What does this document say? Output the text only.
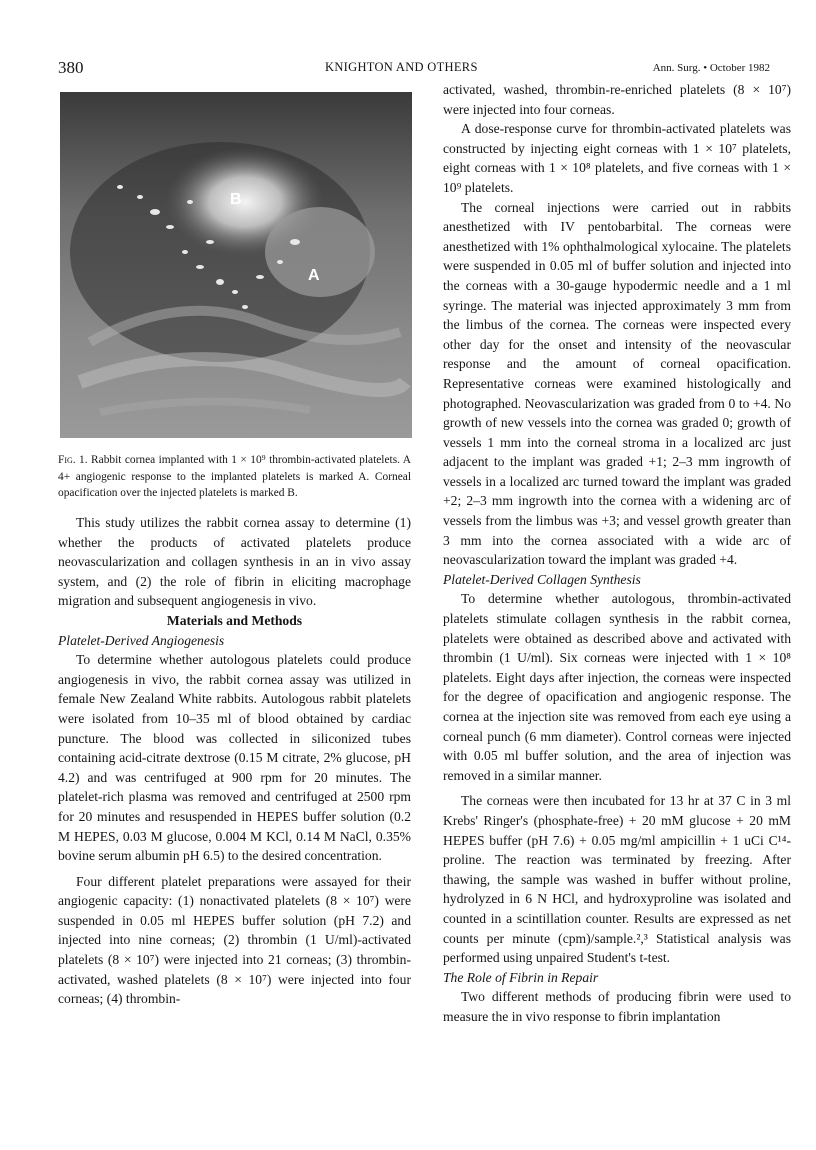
380	KNIGHTON AND OTHERS	Ann. Surg. • October 1982
B
A
Fig. 1. Rabbit cornea implanted with 1 × 10⁹ thrombin-activated platelets. A 4+ angiogenic response to the implanted platelets is marked A. Corneal opacification over the injected platelets is marked B.

This study utilizes the rabbit cornea assay to determine (1) whether the products of activated platelets produce neovascularization and collagen synthesis in an in vivo assay system, and (2) the role of fibrin in eliciting macrophage migration and subsequent angiogenesis in vivo.

Materials and Methods

Platelet-Derived Angiogenesis

To determine whether autologous platelets could produce angiogenesis in vivo, the rabbit cornea assay was utilized in female New Zealand White rabbits. Autologous rabbit platelets were isolated from 10–35 ml of blood obtained by cardiac puncture. The blood was collected in siliconized tubes containing acid-citrate dextrose (0.15 M citrate, 2% glucose, pH 4.2) and was centrifuged at 900 rpm for 20 minutes. The platelet-rich plasma was removed and centrifuged at 2500 rpm for 20 minutes and resuspended in HEPES buffer solution (0.2 M HEPES, 0.03 M glucose, 0.004 M KCl, 0.14 M NaCl, 0.35% bovine serum albumin pH 6.5) to the desired concentration.

Four different platelet preparations were assayed for their angiogenic capacity: (1) nonactivated platelets (8 × 10⁷) were suspended in 0.05 ml HEPES buffer solution (pH 7.2) and injected into nine corneas; (2) thrombin (1 U/ml)-activated platelets (8 × 10⁷) were injected into 21 corneas; (3) thrombin-activated, washed platelets (8 × 10⁷) were injected into four corneas; (4) thrombin-

activated, washed, thrombin-re-enriched platelets (8 × 10⁷) were injected into four corneas.

A dose-response curve for thrombin-activated platelets was constructed by injecting eight corneas with 1 × 10⁷ platelets, eight corneas with 1 × 10⁸ platelets, and five corneas with 1 × 10⁹ platelets.

The corneal injections were carried out in rabbits anesthetized with IV pentobarbital. The corneas were anesthetized with 1% ophthalmological xylocaine. The platelets were suspended in 0.05 ml of buffer solution and injected into the corneas with a 30-gauge hypodermic needle and a 1 ml syringe. The material was injected approximately 3 mm from the limbus of the cornea. The corneas were inspected every other day for the onset and intensity of the neovascular response and the amount of corneal opacification. Representative corneas were examined histologically and photographed. Neovascularization was graded from 0 to +4. No growth of new vessels into the cornea was graded 0; growth of vessels 1 mm into the corneal stroma in a localized arc just adjacent to the implant was graded +1; 2–3 mm ingrowth of vessels in a localized arc turned toward the implant was graded +2; 2–3 mm ingrowth into the cornea with a widening arc of vessels from the limbus was +3; and vessel growth greater than 3 mm into the cornea associated with a wide arc of neovascularization toward the implant was graded +4.

Platelet-Derived Collagen Synthesis

To determine whether autologous, thrombin-activated platelets stimulate collagen synthesis in the rabbit cornea, platelets were obtained as described above and activated with thrombin (1 U/ml). Six corneas were injected with 1 × 10⁸ platelets. Eight days after injection, the corneas were inspected for the degree of opacification and angiogenic response. The cornea at the injection site was removed from each eye using a corneal punch (6 mm diameter). Control corneas were injected with 0.05 ml buffer solution, and the area of injection was removed in a similar manner.

The corneas were then incubated for 13 hr at 37 C in 3 ml Krebs' Ringer's (phosphate-free) + 20 mM glucose + 20 mM HEPES buffer (pH 7.6) + 0.05 mg/ml ampicillin + 1 uCi C¹⁴-proline. The reaction was terminated by freezing. After thawing, the sample was washed in buffer without proline, hydrolyzed in 6 N HCl, and hydroxyproline was isolated and counted in a scintillation counter. Results are expressed as net counts per minute (cpm)/sample.²,³ Statistical analysis was performed using unpaired Student's t-test.

The Role of Fibrin in Repair

Two different methods of producing fibrin were used to measure the in vivo response to fibrin implantation
